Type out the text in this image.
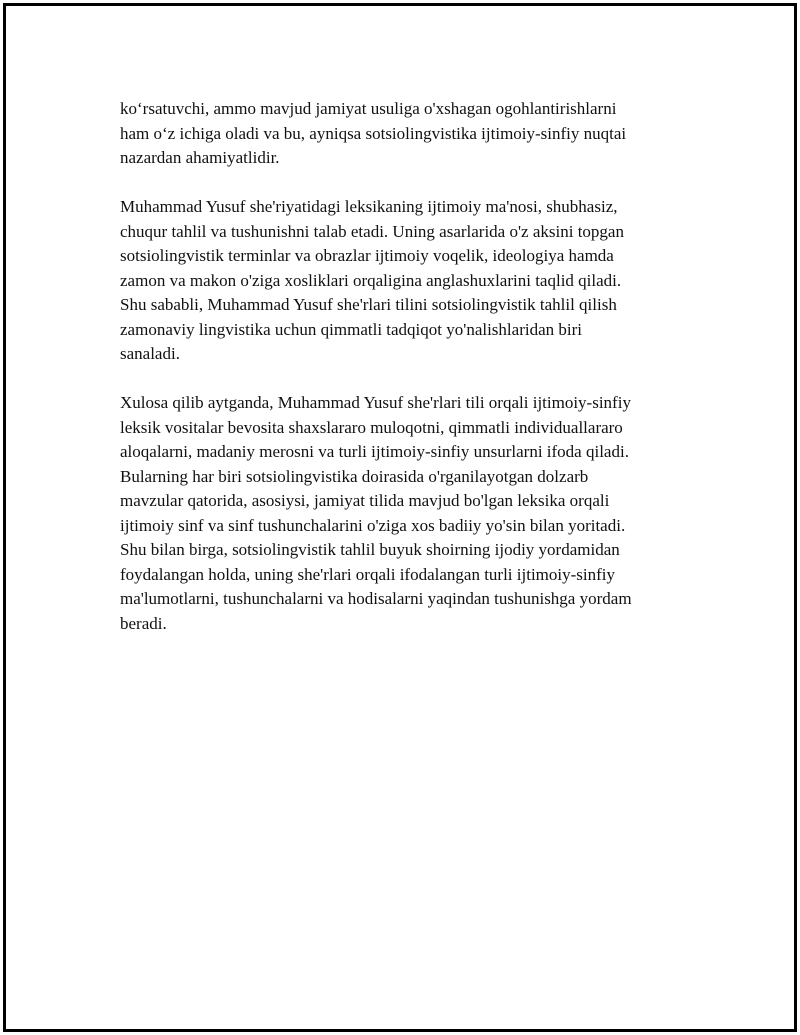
ko‘rsatuvchi, ammo mavjud jamiyat usuliga o'xshagan ogohlantirishlarni
ham o‘z ichiga oladi va bu, ayniqsa sotsiolingvistika ijtimoiy-sinfiy nuqtai
nazardan ahamiyatlidir.

Muhammad Yusuf she'riyatidagi leksikaning ijtimoiy ma'nosi, shubhasiz,
chuqur tahlil va tushunishni talab etadi. Uning asarlarida o'z aksini topgan
sotsiolingvistik terminlar va obrazlar ijtimoiy voqelik, ideologiya hamda
zamon va makon o'ziga xosliklari orqaligina anglashuxlarini taqlid qiladi.
Shu sababli, Muhammad Yusuf she'rlari tilini sotsiolingvistik tahlil qilish
zamonaviy lingvistika uchun qimmatli tadqiqot yo'nalishlaridan biri
sanaladi.

Xulosa qilib aytganda, Muhammad Yusuf she'rlari tili orqali ijtimoiy-sinfiy
leksik vositalar bevosita shaxslararo muloqotni, qimmatli individuallararo
aloqalarni, madaniy merosni va turli ijtimoiy-sinfiy unsurlarni ifoda qiladi.
Bularning har biri sotsiolingvistika doirasida o'rganilayotgan dolzarb
mavzular qatorida, asosiysi, jamiyat tilida mavjud bo'lgan leksika orqali
ijtimoiy sinf va sinf tushunchalarini o'ziga xos badiiy yo'sin bilan yoritadi.
Shu bilan birga, sotsiolingvistik tahlil buyuk shoirning ijodiy yordamidan
foydalangan holda, uning she'rlari orqali ifodalangan turli ijtimoiy-sinfiy
ma'lumotlarni, tushunchalarni va hodisalarni yaqindan tushunishga yordam
beradi.
